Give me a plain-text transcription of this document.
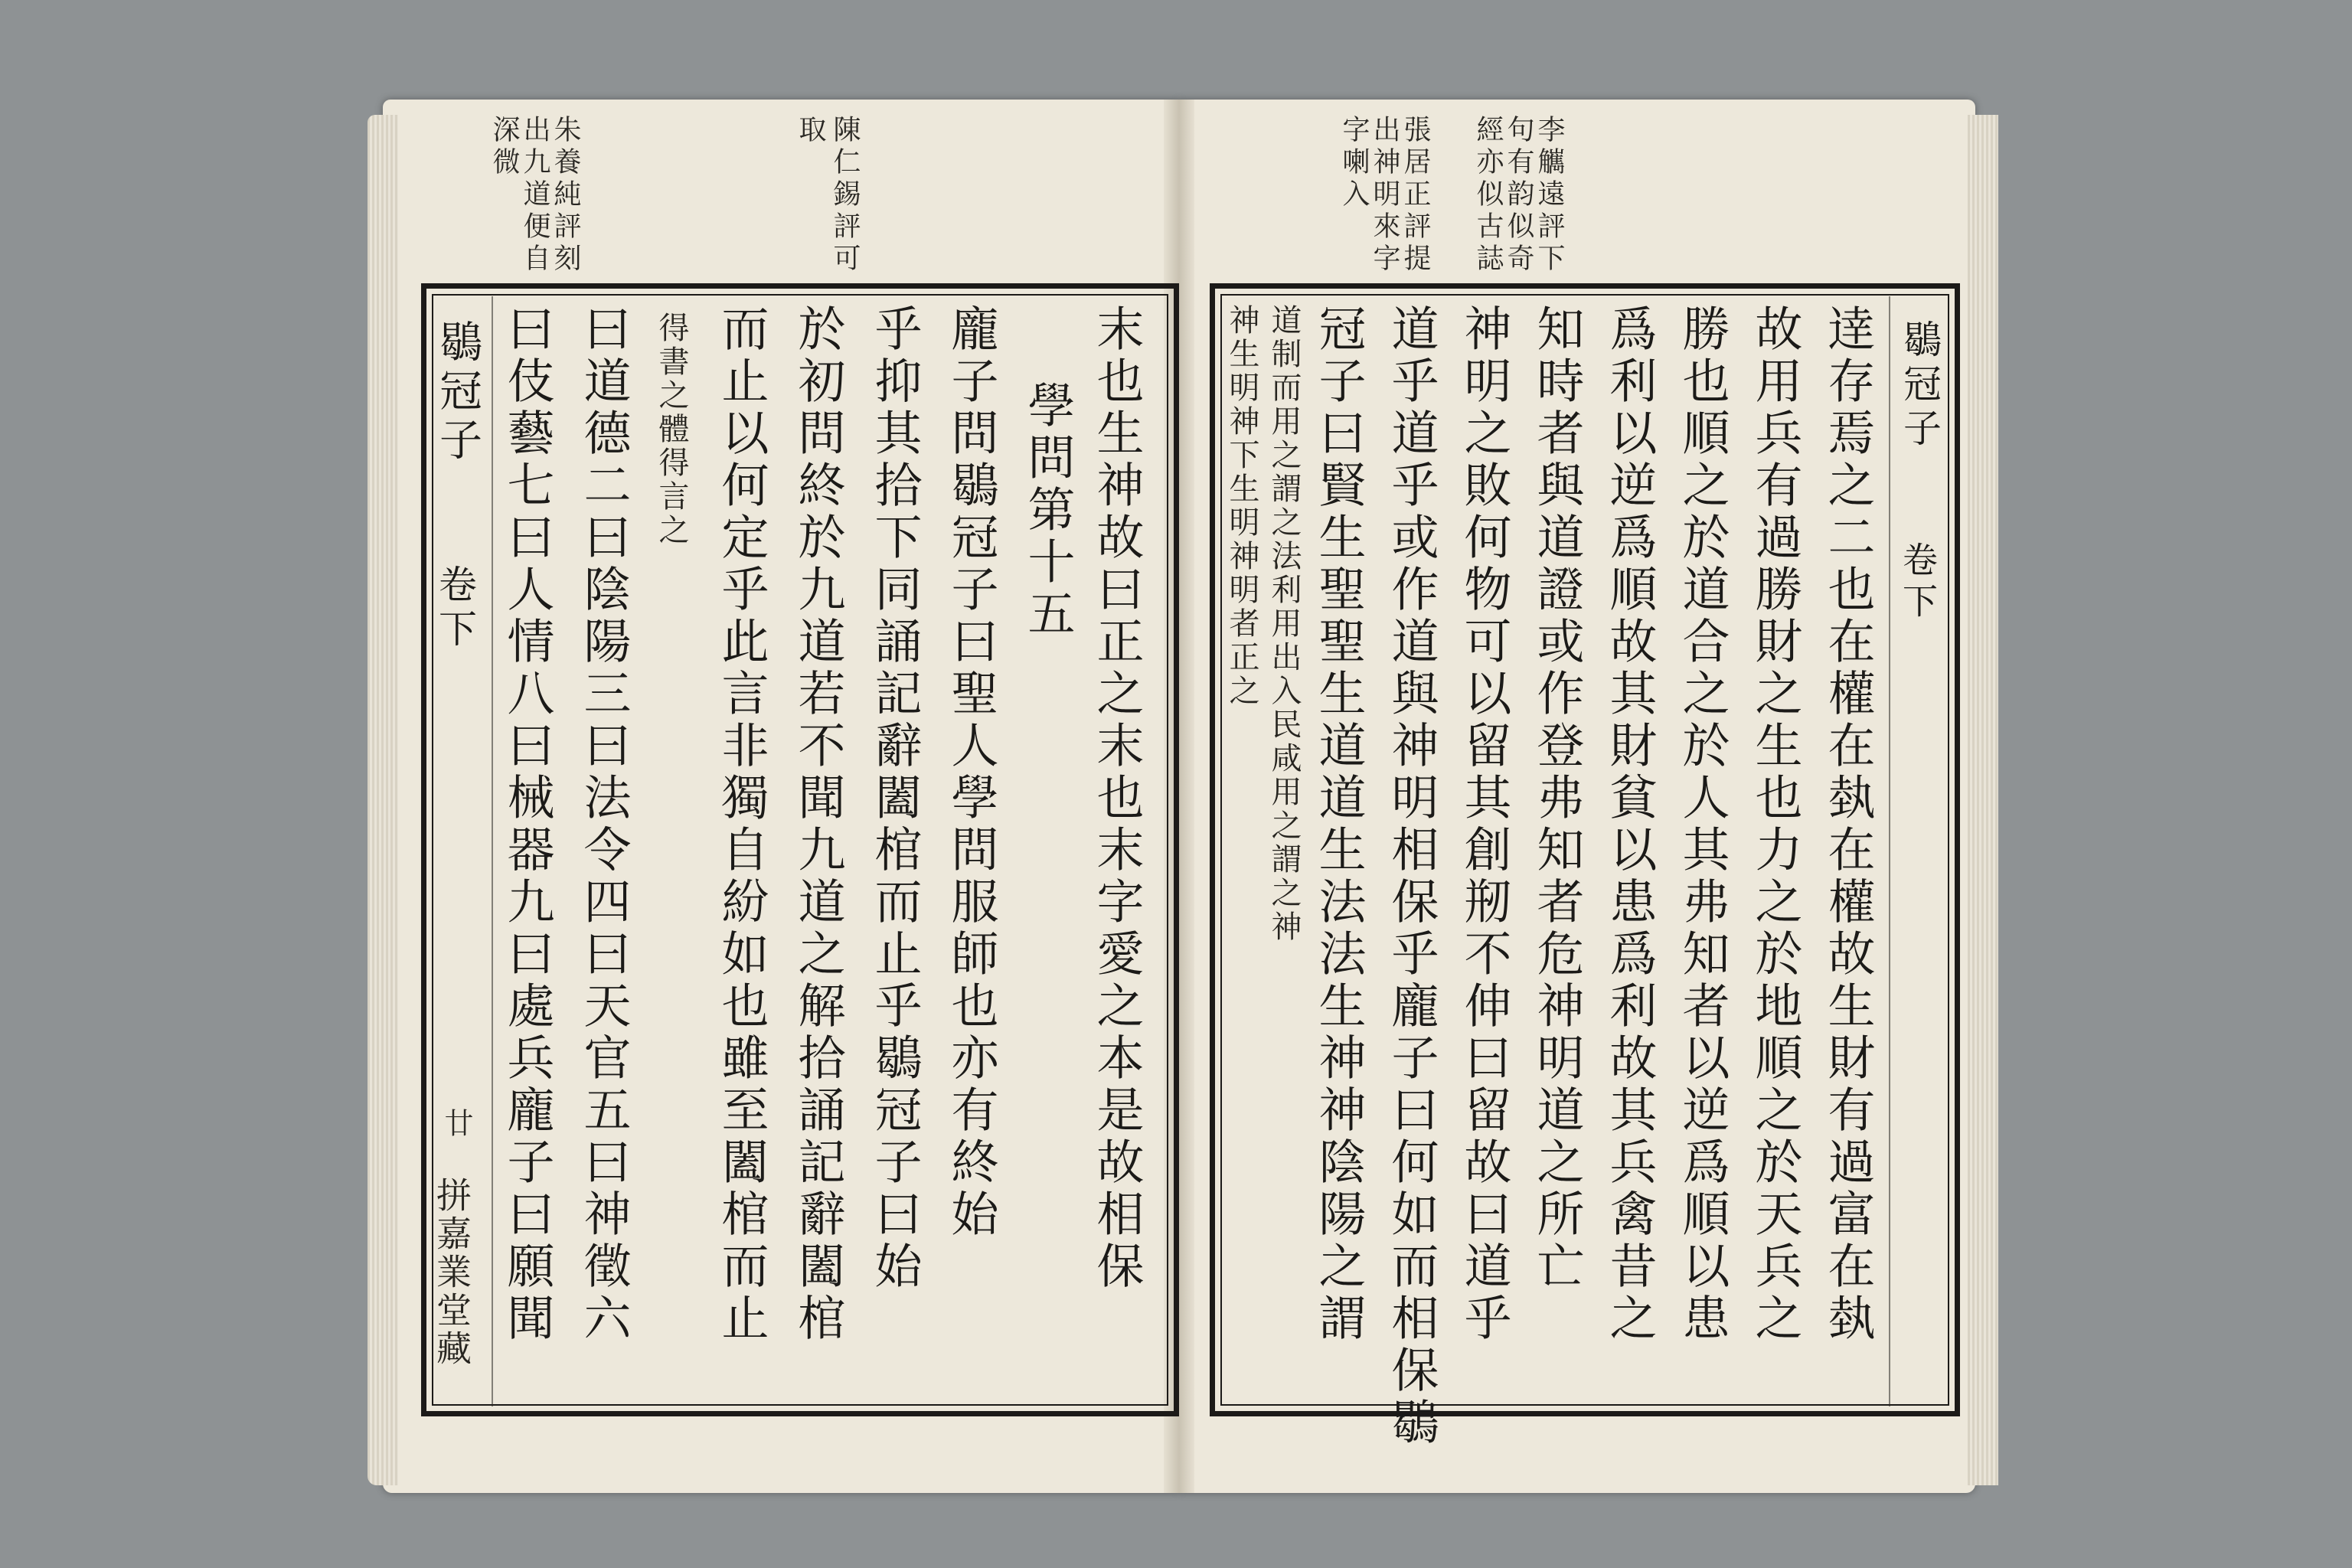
深微 出九道便自 朱養純評刻	取 陳仁錫評可
鶡冠子
卷下
廿
拼嘉業堂藏 曰伎藝七曰人情八曰械器九曰處兵龐子曰願聞 曰道德二曰陰陽三曰法令四曰天官五曰神徵六 得書之體得言之 而止以何定乎此言非獨自紛如也雖至闔棺而止 於初問終於九道若不聞九道之解拾誦記辭闔棺 乎抑其拾下同誦記辭闔棺而止乎鶡冠子曰始 龐子問鶡冠子曰聖人學問服師也亦有終始 學問第十五 末也生神故曰正之末也末字愛之本是故相保
字喇入 出神明來字 張居正評提 經亦似古誌 句有韵似奇 李觽遠評下
神生明神下生明神明者正之 道制而用之謂之法利用出入民咸用之謂之神 冠子曰賢生聖聖生道道生法法生神神陰陽之謂 道乎道乎或作道與神明相保乎龐子曰何如而相保鶡 神明之敗何物可以留其創剏不伸曰留故曰道乎 知時者與道證或作登弗知者危神明道之所亡 爲利以逆爲順故其財貧以患爲利故其兵禽昔之 勝也順之於道合之於人其弗知者以逆爲順以患 故用兵有過勝財之生也力之於地順之於天兵之 逹存焉之二也在權在埶在權故生財有過富在埶 鶡冠子
卷下
